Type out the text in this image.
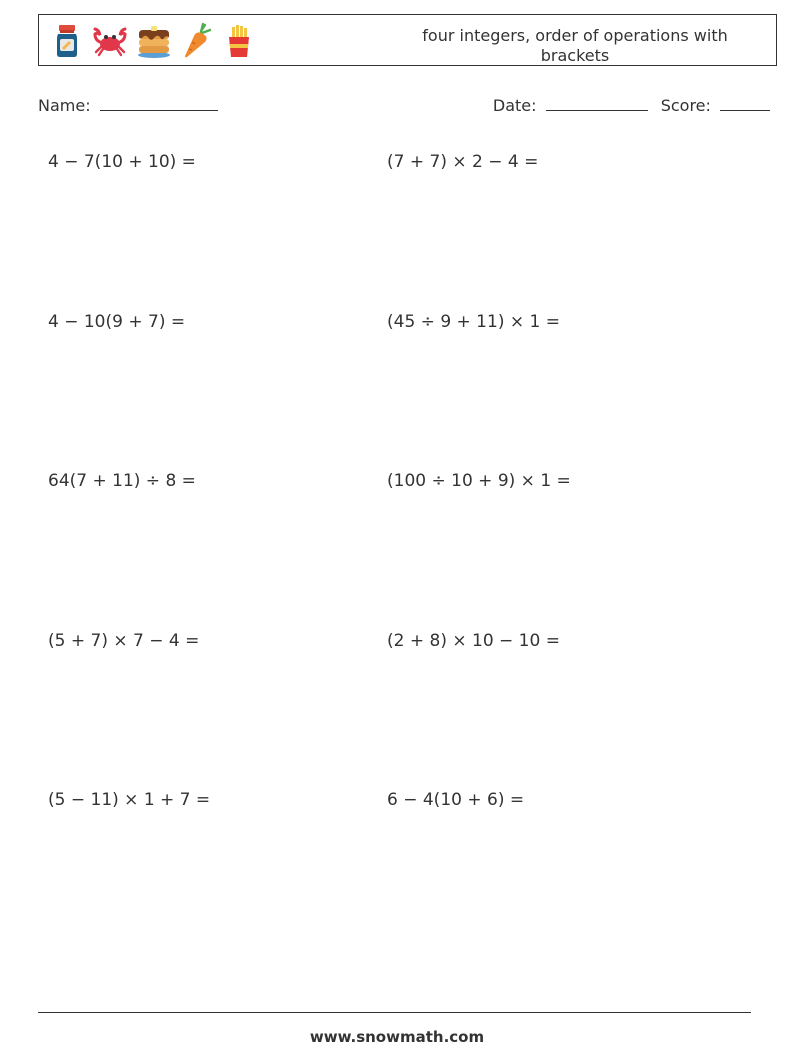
four integers, order of operations with brackets
Name:	Date:	Score:
4 − 7(10 + 10) =	(7 + 7) × 2 − 4 =
4 − 10(9 + 7) =	(45 ÷ 9 + 11) × 1 =
64(7 + 11) ÷ 8 =	(100 ÷ 10 + 9) × 1 =
(5 + 7) × 7 − 4 =	(2 + 8) × 10 − 10 =
(5 − 11) × 1 + 7 =	6 − 4(10 + 6) =
www.snowmath.com
